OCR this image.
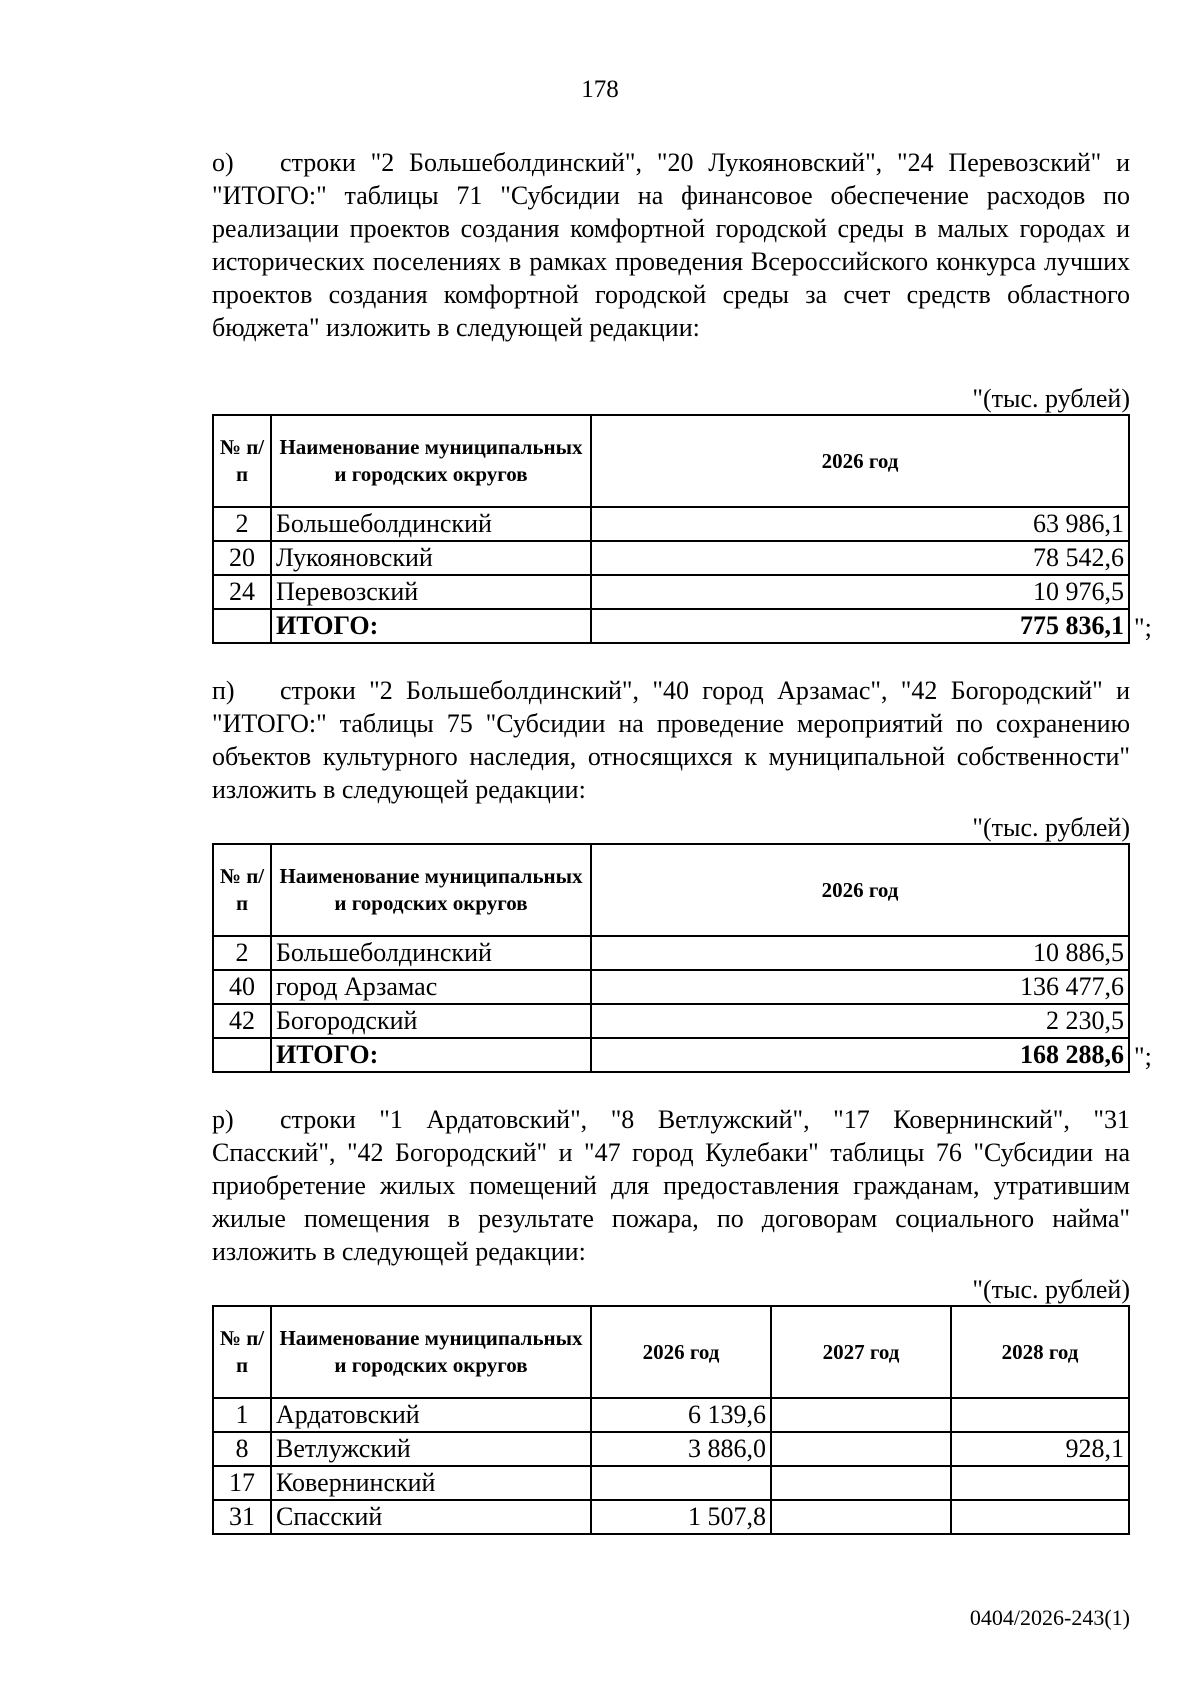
178

о) строки "2 Большеболдинский", "20 Лукояновский", "24 Перевозский" и "ИТОГО:" таблицы 71 "Субсидии на финансовое обеспечение расходов по реализации проектов создания комфортной городской среды в малых городах и исторических поселениях в рамках проведения Всероссийского конкурса лучших проектов создания комфортной городской среды за счет средств областного бюджета" изложить в следующей редакции:

"(тыс. рублей)
№ п/п	Наименование муниципальных и городских округов	2026 год
2	Большеболдинский	63 986,1
20	Лукояновский	78 542,6
24	Перевозский	10 976,5
	ИТОГО:	775 836,1 ";

п) строки "2 Большеболдинский", "40 город Арзамас", "42 Богородский" и "ИТОГО:" таблицы 75 "Субсидии на проведение мероприятий по сохранению объектов культурного наследия, относящихся к муниципальной собственности" изложить в следующей редакции:

"(тыс. рублей)
№ п/п	Наименование муниципальных и городских округов	2026 год
2	Большеболдинский	10 886,5
40	город Арзамас	136 477,6
42	Богородский	2 230,5
	ИТОГО:	168 288,6 ";

р) строки "1 Ардатовский", "8 Ветлужский", "17 Ковернинский", "31 Спасский", "42 Богородский" и "47 город Кулебаки" таблицы 76 "Субсидии на приобретение жилых помещений для предоставления гражданам, утратившим жилые помещения в результате пожара, по договорам социального найма" изложить в следующей редакции:

"(тыс. рублей)
№ п/п	Наименование муниципальных и городских округов	2026 год	2027 год	2028 год
1	Ардатовский	6 139,6		
8	Ветлужский	3 886,0		928,1
17	Ковернинский			
31	Спасский	1 507,8		
0404/2026-243(1)
